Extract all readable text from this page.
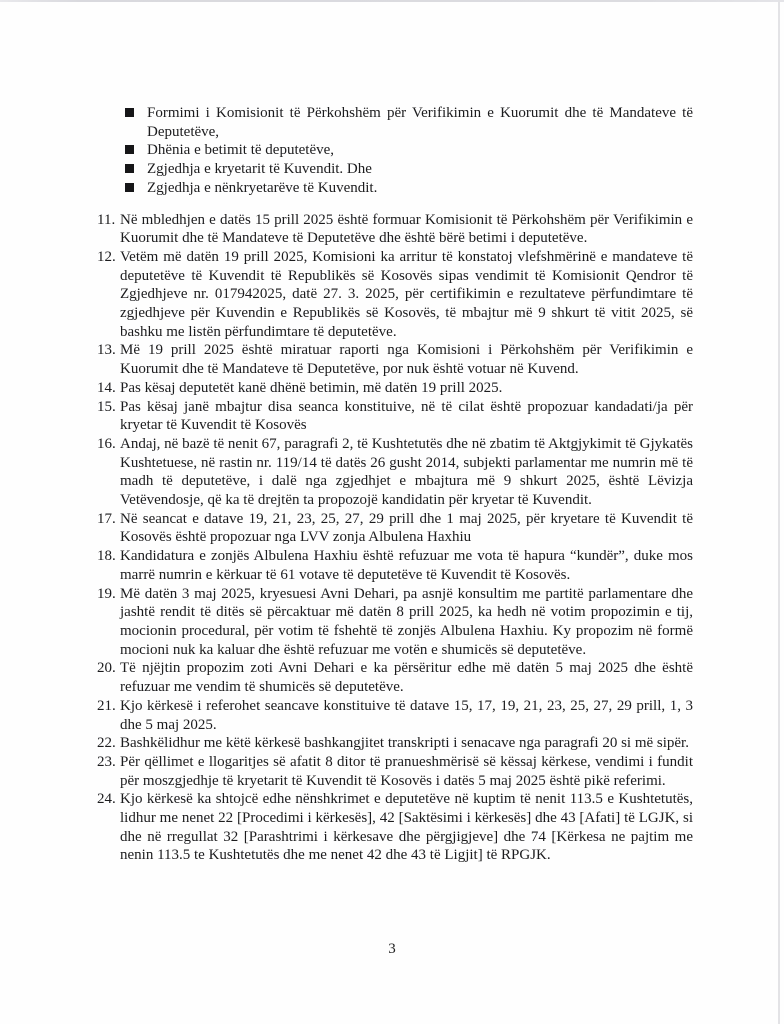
Formimi i Komisionit të Përkohshëm për Verifikimin e Kuorumit dhe të Mandateve të Deputetëve,
Dhënia e betimit të deputetëve,
Zgjedhja e kryetarit të Kuvendit. Dhe
Zgjedhja e nënkryetarëve të Kuvendit.
11. Në mbledhjen e datës 15 prill 2025 është formuar Komisionit të Përkohshëm për Verifikimin e Kuorumit dhe të Mandateve të Deputetëve dhe është bërë betimi i deputetëve.
12. Vetëm më datën 19 prill 2025, Komisioni ka arritur të konstatoj vlefshmërinë e mandateve të deputetëve të Kuvendit të Republikës së Kosovës sipas vendimit të Komisionit Qendror të Zgjedhjeve nr. 017942025, datë 27. 3. 2025, për certifikimin e rezultateve përfundimtare të zgjedhjeve për Kuvendin e Republikës së Kosovës, të mbajtur më 9 shkurt të vitit 2025, së bashku me listën përfundimtare të deputetëve.
13. Më 19 prill 2025 është miratuar raporti nga Komisioni i Përkohshëm për Verifikimin e Kuorumit dhe të Mandateve të Deputetëve, por nuk është votuar në Kuvend.
14. Pas kësaj deputetët kanë dhënë betimin, më datën 19 prill 2025.
15. Pas kësaj janë mbajtur disa seanca konstituive, në të cilat është propozuar kandadati/ja për kryetar të Kuvendit të Kosovës
16. Andaj, në bazë të nenit 67, paragrafi 2, të Kushtetutës dhe në zbatim të Aktgjykimit të Gjykatës Kushtetuese, në rastin nr. 119/14 të datës 26 gusht 2014, subjekti parlamentar me numrin më të madh të deputetëve, i dalë nga zgjedhjet e mbajtura më 9 shkurt 2025, është Lëvizja Vetëvendosje, që ka të drejtën ta propozojë kandidatin për kryetar të Kuvendit.
17. Në seancat e datave 19, 21, 23, 25, 27, 29 prill dhe 1 maj 2025, për kryetare të Kuvendit të Kosovës është propozuar nga LVV zonja Albulena Haxhiu
18. Kandidatura e zonjës Albulena Haxhiu është refuzuar me vota të hapura “kundër”, duke mos marrë numrin e kërkuar të 61 votave të deputetëve të Kuvendit të Kosovës.
19. Më datën 3 maj 2025, kryesuesi Avni Dehari, pa asnjë konsultim me partitë parlamentare dhe jashtë rendit të ditës së përcaktuar më datën 8 prill 2025, ka hedh në votim propozimin e tij, mocionin procedural, për votim të fshehtë të zonjës Albulena Haxhiu. Ky propozim në formë mocioni nuk ka kaluar dhe është refuzuar me votën e shumicës së deputetëve.
20. Të njëjtin propozim zoti Avni Dehari e ka përsëritur edhe më datën 5 maj 2025 dhe është refuzuar me vendim të shumicës së deputetëve.
21. Kjo kërkesë i referohet seancave konstituive të datave 15, 17, 19, 21, 23, 25, 27, 29 prill, 1, 3 dhe 5 maj 2025.
22. Bashkëlidhur me këtë kërkesë bashkangjitet transkripti i senacave nga paragrafi 20 si më sipër.
23. Për qëllimet e llogaritjes së afatit 8 ditor të pranueshmërisë së këssaj kërkese, vendimi i fundit për moszgjedhje të kryetarit të Kuvendit të Kosovës i datës 5 maj 2025 është pikë referimi.
24. Kjo kërkesë ka shtojcë edhe nënshkrimet e deputetëve në kuptim të nenit 113.5 e Kushtetutës, lidhur me nenet 22 [Procedimi i kërkesës], 42 [Saktësimi i kërkesës] dhe 43 [Afati] të LGJK, si dhe në rregullat 32 [Parashtrimi i kërkesave dhe përgjigjeve] dhe 74 [Kërkesa ne pajtim me nenin 113.5 te Kushtetutës dhe me nenet 42 dhe 43 të Ligjit] të RPGJK.
3
